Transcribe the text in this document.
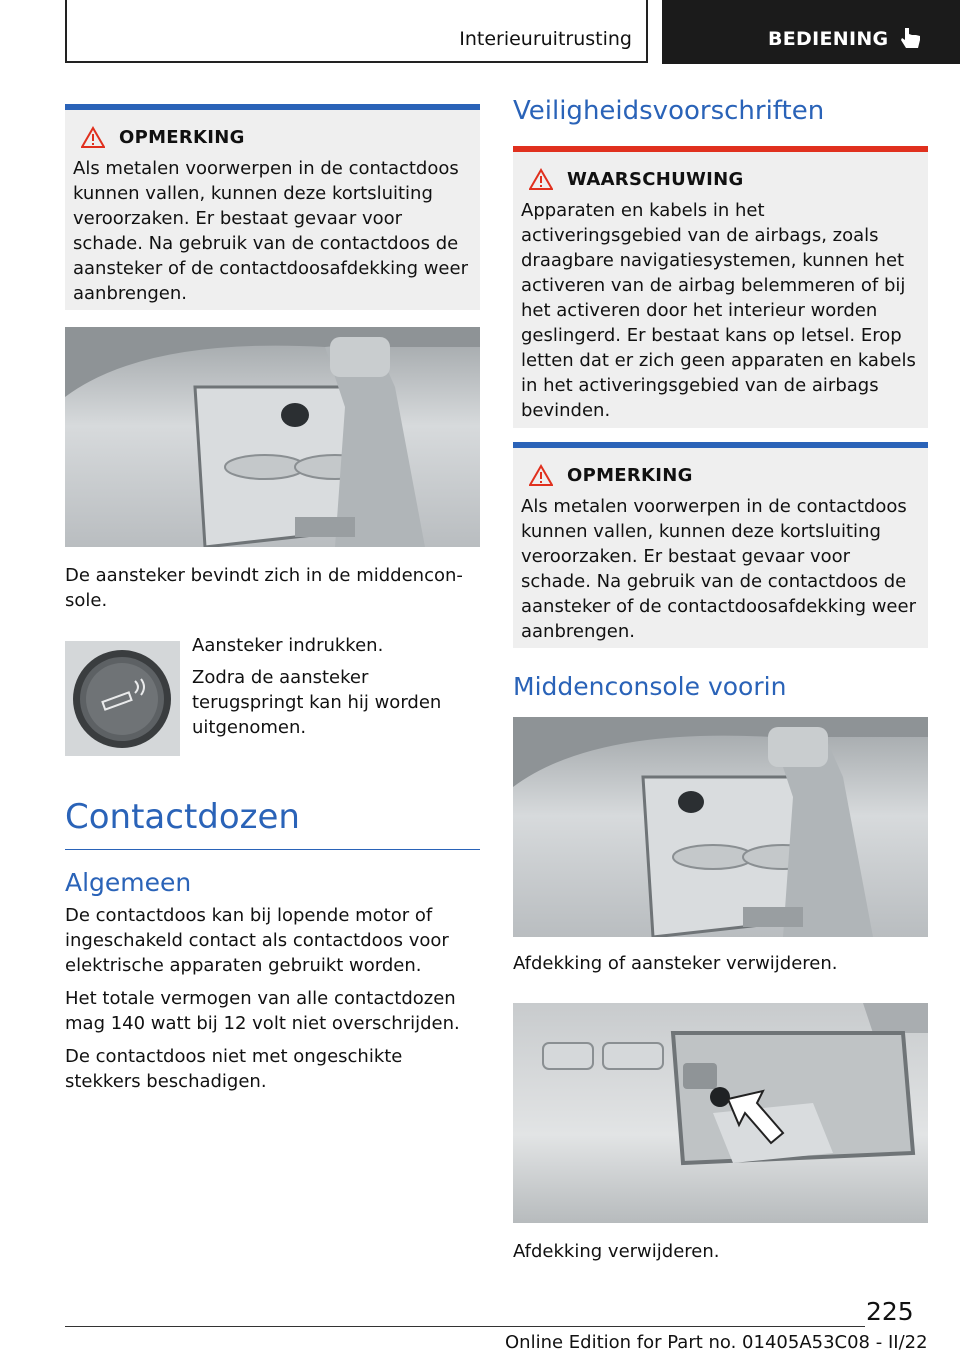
Interieuruitrusting	BEDIENING
OPMERKING
Als metalen voorwerpen in de contactdoos kunnen vallen, kunnen deze kortsluiting veroorzaken. Er bestaat gevaar voor schade. Na gebruik van de contactdoos de aansteker of de contactdoosafdekking weer aanbrengen.

De aansteker bevindt zich in de middenconsole.

Aansteker indrukken.

Zodra de aansteker terugspringt kan hij worden uitgenomen.

Contactdozen
Algemeen

De contactdoos kan bij lopende motor of ingeschakeld contact als contactdoos voor elektrische apparaten gebruikt worden.

Het totale vermogen van alle contactdozen mag 140 watt bij 12 volt niet overschrijden.

De contactdoos niet met ongeschikte stekkers beschadigen.

Veiligheidsvoorschriften
WAARSCHUWING
Apparaten en kabels in het activeringsgebied van de airbags, zoals draagbare navigatiesystemen, kunnen het activeren van de airbag belemmeren of bij het activeren door het interieur worden geslingerd. Er bestaat kans op letsel. Erop letten dat er zich geen apparaten en kabels in het activeringsgebied van de airbags bevinden.
OPMERKING
Als metalen voorwerpen in de contactdoos kunnen vallen, kunnen deze kortsluiting veroorzaken. Er bestaat gevaar voor schade. Na gebruik van de contactdoos de aansteker of de contactdoosafdekking weer aanbrengen.
Middenconsole voorin

Afdekking of aansteker verwijderen.

Afdekking verwijderen.

225
Online Edition for Part no. 01405A53C08 - II/22
